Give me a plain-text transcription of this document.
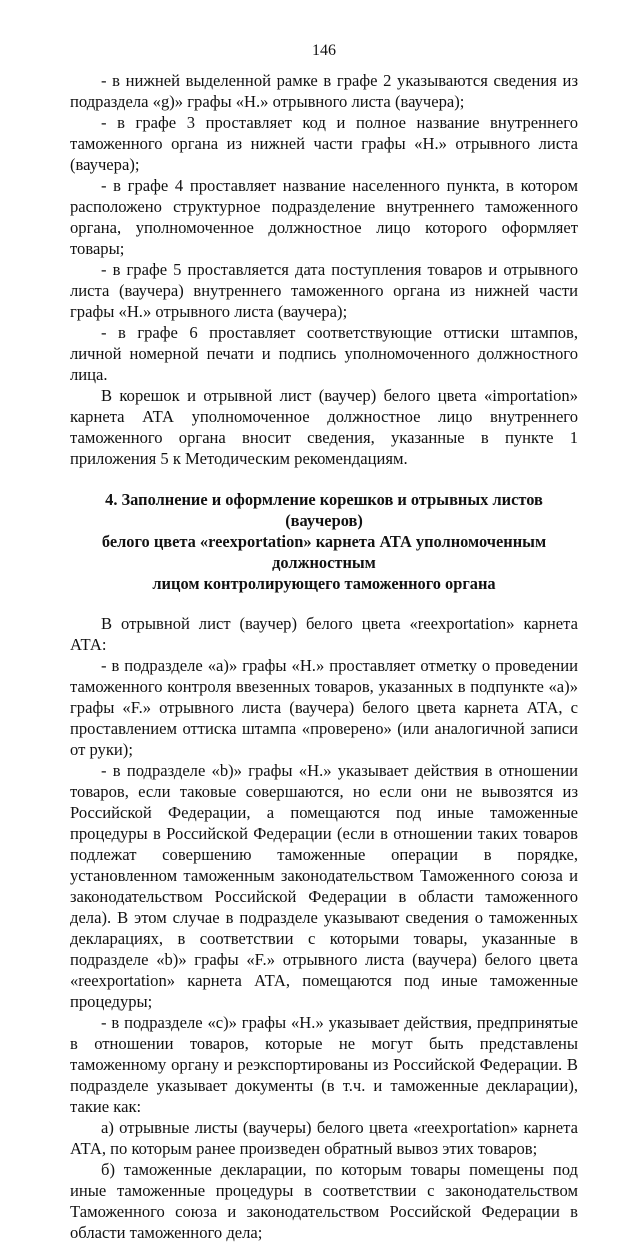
146

- в нижней выделенной рамке в графе 2 указываются сведения из подраздела «g)» графы «H.» отрывного листа (ваучера);

- в графе 3 проставляет код и полное название внутреннего таможенного органа из нижней части графы «H.» отрывного листа (ваучера);

- в графе 4 проставляет название населенного пункта, в котором расположено структурное подразделение внутреннего таможенного органа, уполномоченное должностное лицо которого оформляет товары;

- в графе 5 проставляется дата поступления товаров и отрывного листа (ваучера) внутреннего таможенного органа из нижней части графы «H.» отрывного листа (ваучера);

- в графе 6 проставляет соответствующие оттиски штампов, личной номерной печати и подпись уполномоченного должностного лица.

В корешок и отрывной лист (ваучер) белого цвета «importation» карнета АТА уполномоченное должностное лицо внутреннего таможенного органа вносит сведения, указанные в пункте 1 приложения 5 к Методическим рекомендациям.

4. Заполнение и оформление корешков и отрывных листов (ваучеров)
белого цвета «reexportation» карнета АТА уполномоченным должностным
лицом контролирующего таможенного органа

В отрывной лист (ваучер) белого цвета «reexportation» карнета АТА:

- в подразделе «a)» графы «H.» проставляет отметку о проведении таможенного контроля ввезенных товаров, указанных в подпункте «a)» графы «F.» отрывного листа (ваучера) белого цвета карнета АТА, с проставлением оттиска штампа «проверено» (или аналогичной записи от руки);

- в подразделе «b)» графы «H.» указывает действия в отношении товаров, если таковые совершаются, но если они не вывозятся из Российской Федерации, а помещаются под иные таможенные процедуры в Российской Федерации (если в отношении таких товаров подлежат совершению таможенные операции в порядке, установленном таможенным законодательством Таможенного союза и законодательством Российской Федерации в области таможенного дела). В этом случае в подразделе указывают сведения о таможенных декларациях, в соответствии с которыми товары, указанные в подразделе «b)» графы «F.» отрывного листа (ваучера) белого цвета «reexportation» карнета АТА, помещаются под иные таможенные процедуры;

- в подразделе «c)» графы «H.» указывает действия, предпринятые в отношении товаров, которые не могут быть представлены таможенному органу и реэкспортированы из Российской Федерации. В подразделе указывает документы (в т.ч. и таможенные декларации), такие как:

а) отрывные листы (ваучеры) белого цвета «reexportation» карнета АТА, по которым ранее произведен обратный вывоз этих товаров;

б) таможенные декларации, по которым товары помещены под иные таможенные процедуры в соответствии с законодательством Таможенного союза и законодательством Российской Федерации в области таможенного дела;
